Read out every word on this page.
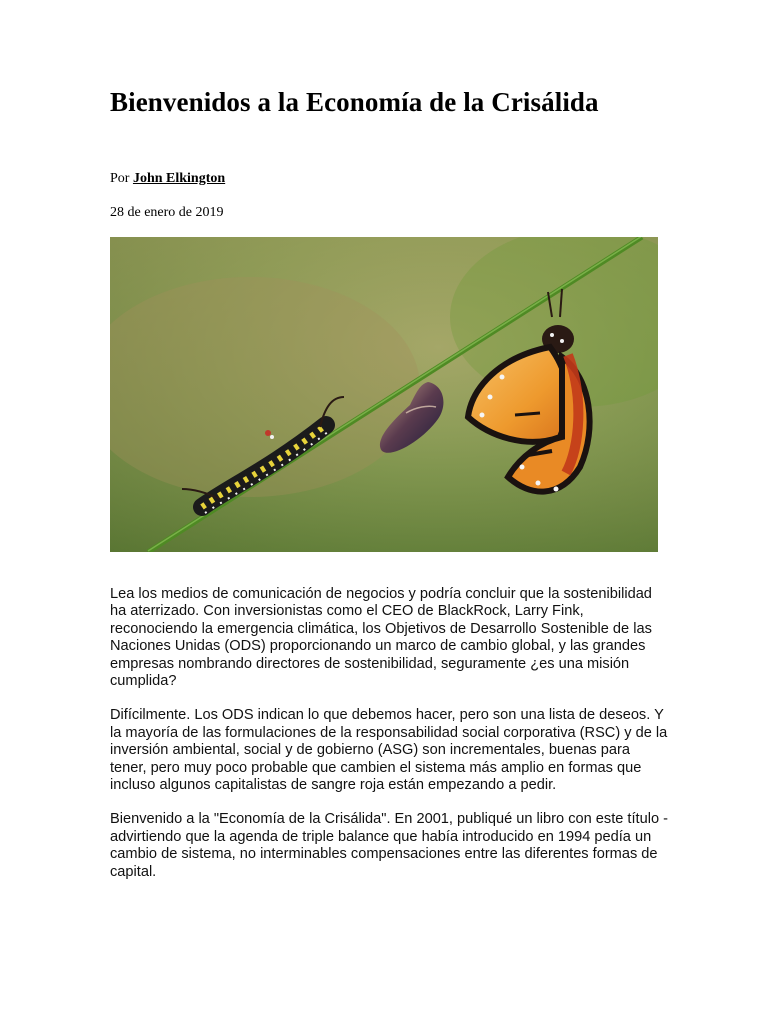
Bienvenidos a la Economía de la Crisálida
Por John Elkington
28 de enero de 2019

Lea los medios de comunicación de negocios y podría concluir que la sostenibilidad ha aterrizado. Con inversionistas como el CEO de BlackRock, Larry Fink, reconociendo la emergencia climática, los Objetivos de Desarrollo Sostenible de las Naciones Unidas (ODS) proporcionando un marco de cambio global, y las grandes empresas nombrando directores de sostenibilidad, seguramente ¿es una misión cumplida?

Difícilmente. Los ODS indican lo que debemos hacer, pero son una lista de deseos. Y la mayoría de las formulaciones de la responsabilidad social corporativa (RSC) y de la inversión ambiental, social y de gobierno (ASG) son incrementales, buenas para tener, pero muy poco probable que cambien el sistema más amplio en formas que incluso algunos capitalistas de sangre roja están empezando a pedir.

Bienvenido a la "Economía de la Crisálida". En 2001, publiqué un libro con este título - advirtiendo que la agenda de triple balance que había introducido en 1994 pedía un cambio de sistema, no interminables compensaciones entre las diferentes formas de capital.
